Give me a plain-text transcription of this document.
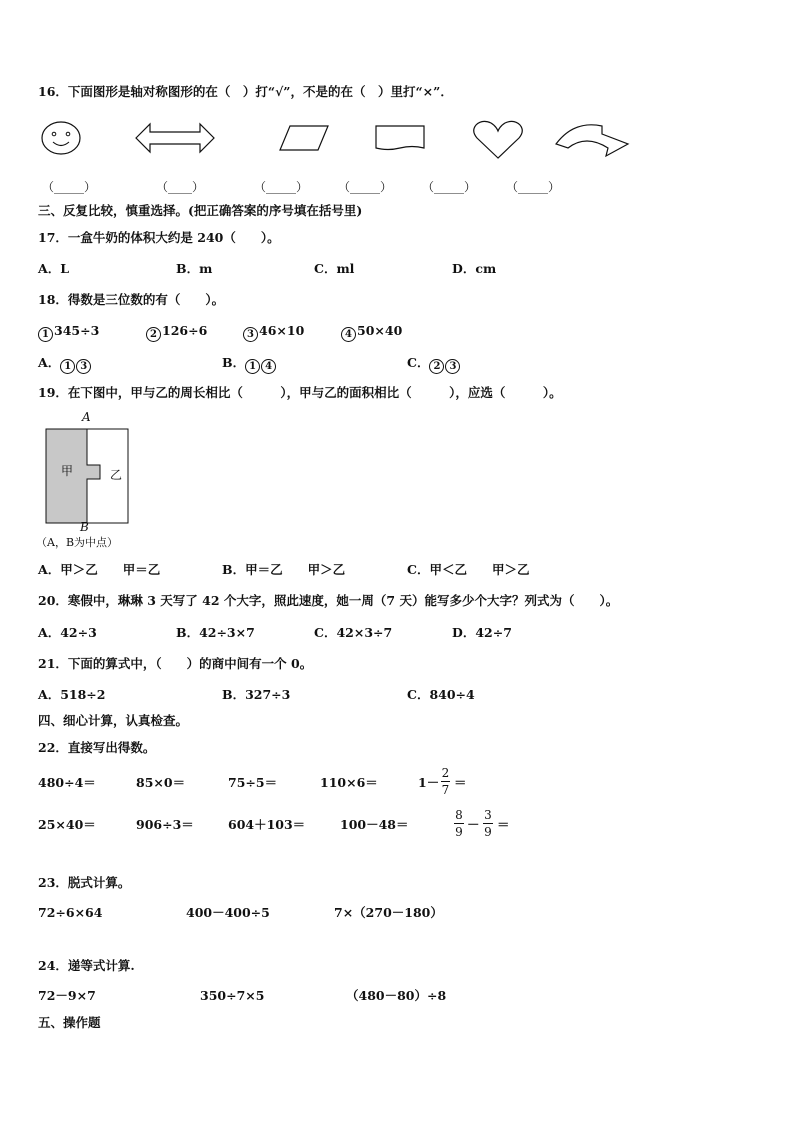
16．下面图形是轴对称图形的在（　）打“√”，不是的在（　）里打“×”．
（_____）	（____）	（_____） （_____） （_____） （_____）
三、反复比较，慎重选择。(把正确答案的序号填在括号里)
17．一盒牛奶的体积大约是 240（　　）。
A．L	B．m	C．ml	D．cm
18．得数是三位数的有（　　）。
1 345÷3	2 126÷6	3 46×10	4 50×40
A． 1 3	B． 1 4	C． 2 3
19．在下图中，甲与乙的周长相比（　　　），甲与乙的面积相比（　　　），应选（　　　）。
A
甲	乙
B
（A，B为中点）
A．甲＞乙　　甲＝乙	B．甲＝乙　　甲＞乙	C．甲＜乙　　甲＞乙
20．寒假中，琳琳 3 天写了 42 个大字，照此速度，她一周（7 天）能写多少个大字？列式为（　　）。
A．42÷3	B．42÷3×7	C．42×3÷7	D．42÷7
21．下面的算式中，（　　）的商中间有一个 0。
A．518÷2	B．327÷3	C．840÷4
四、细心计算，认真检查。
22．直接写出得数。
480÷4＝	85×0＝	75÷5＝	110×6＝	1－
2
7 ＝
25×40＝	906÷3＝	604＋103＝	100－48＝
8
9 －
3
9 ＝
23．脱式计算。
72÷6×64	400－400÷5	7×（270－180）
24．递等式计算.
72－9×7	350÷7×5	（480－80）÷8
五、操作题
